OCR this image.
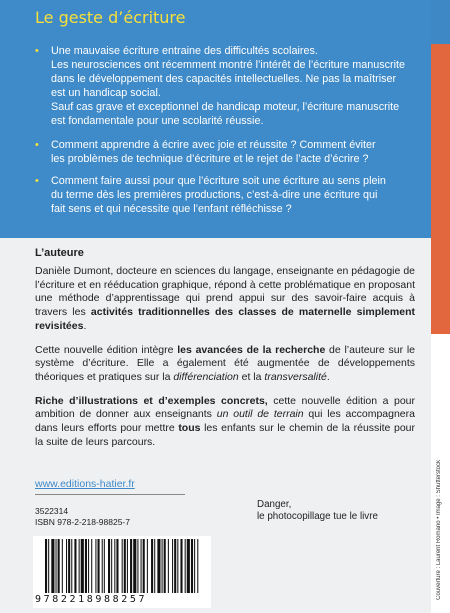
Le geste d’écriture

• Une mauvaise écriture entraine des difficultés scolaires.

Les neurosciences ont récemment montré l’intérêt de l’écriture manuscrite

dans le développement des capacités intellectuelles. Ne pas la maîtriser

est un handicap social.

Sauf cas grave et exceptionnel de handicap moteur, l’écriture manuscrite

est fondamentale pour une scolarité réussie.

• Comment apprendre à écrire avec joie et réussite ? Comment éviter

les problèmes de technique d’écriture et le rejet de l’acte d’écrire ?

• Comment faire aussi pour que l’écriture soit une écriture au sens plein

du terme dès les premières productions, c’est-à-dire une écriture qui

fait sens et qui nécessite que l’enfant réfléchisse ?

Couverture : Laurent Romano • Image : Shutterstock
L’auteure

Danièle Dumont, docteure en sciences du langage, enseignante en pédagogie de l’écriture et en rééducation graphique, répond à cette problématique en proposant une méthode d’apprentissage qui prend appui sur des savoir-faire acquis à travers les activités traditionnelles des classes de maternelle simplement revisitées.

Cette nouvelle édition intègre les avancées de la recherche de l’auteure sur le système d’écriture. Elle a également été augmentée de développements théoriques et pratiques sur la différenciation et la transversalité.

Riche d’illustrations et d’exemples concrets, cette nouvelle édition a pour ambition de donner aux enseignants un outil de terrain qui les accompagnera dans leurs efforts pour mettre tous les enfants sur le chemin de la réussite pour la suite de leurs parcours.

www.editions-hatier.fr
3522314
ISBN 978-2-218-98825-7
Danger,
le photocopillage tue le livre
9782218988257
